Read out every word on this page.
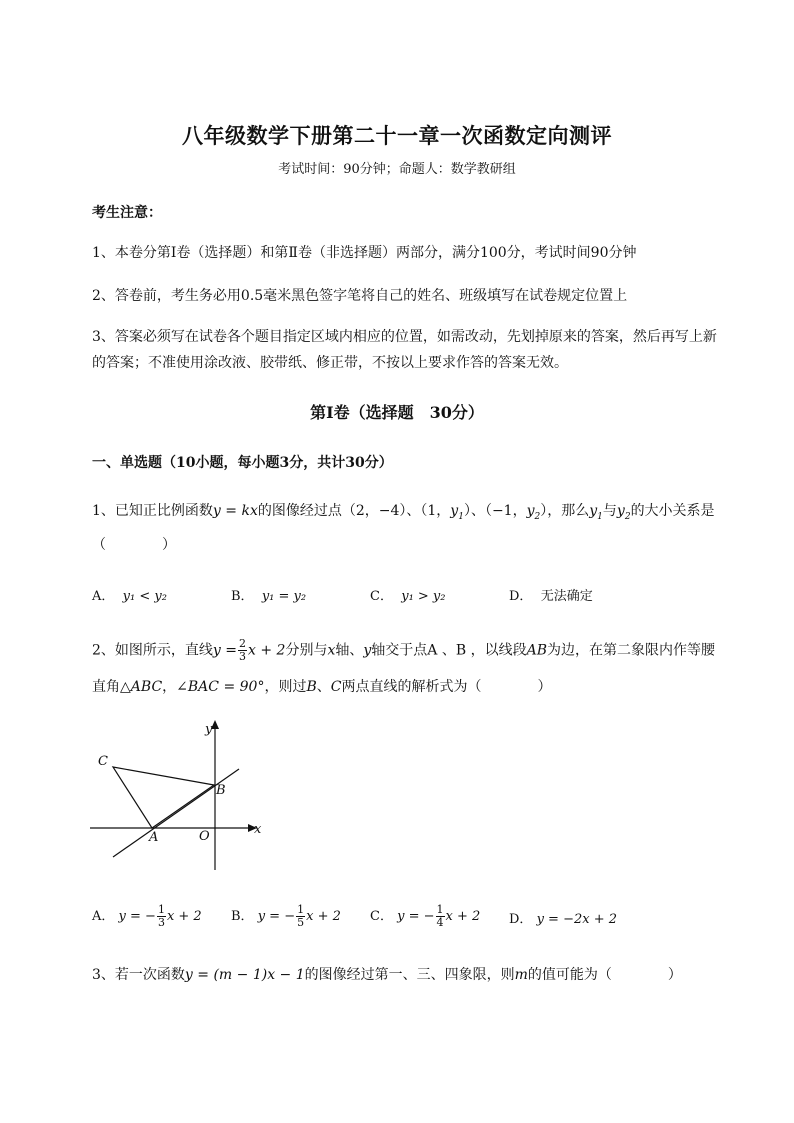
八年级数学下册第二十一章一次函数定向测评
考试时间：90分钟；命题人：数学教研组
考生注意：
1、本卷分第I卷（选择题）和第Ⅱ卷（非选择题）两部分，满分100分，考试时间90分钟
2、答卷前，考生务必用0.5毫米黑色签字笔将自己的姓名、班级填写在试卷规定位置上
3、答案必须写在试卷各个题目指定区域内相应的位置，如需改动，先划掉原来的答案，然后再写上新
的答案；不准使用涂改液、胶带纸、修正带，不按以上要求作答的答案无效。
第I卷（选择题　30分）
一、单选题（10小题，每小题3分，共计30分）
1、已知正比例函数y = kx的图像经过点（2，−4）、（1，$y_1$）、（−1，$y_2$），那么$y_1$与$y_2$的大小关系是
（　　　　）
A． y₁ < y₂	B． y₁ = y₂	C． y₁ > y₂	D． 无法确定
2、如图所示，直线$y = \frac{2}{3}$ x + 2分别与x轴、y轴交于点A 、B ，以线段AB为边，在第二象限内作等腰
直角△ABC，∠BAC = 90°，则过B、C两点直线的解析式为（　　　　）
y
x
C
B
A	O
A． y = − $\frac{1}{3}$ x + 2 B． y = − $\frac{1}{5}$ x + 2 C． y = − $\frac{1}{4}$ x + 2 D． y = −2x + 2
3、若一次函数y = (m − 1)x − 1的图像经过第一、三、四象限，则m的值可能为（　　　　）
